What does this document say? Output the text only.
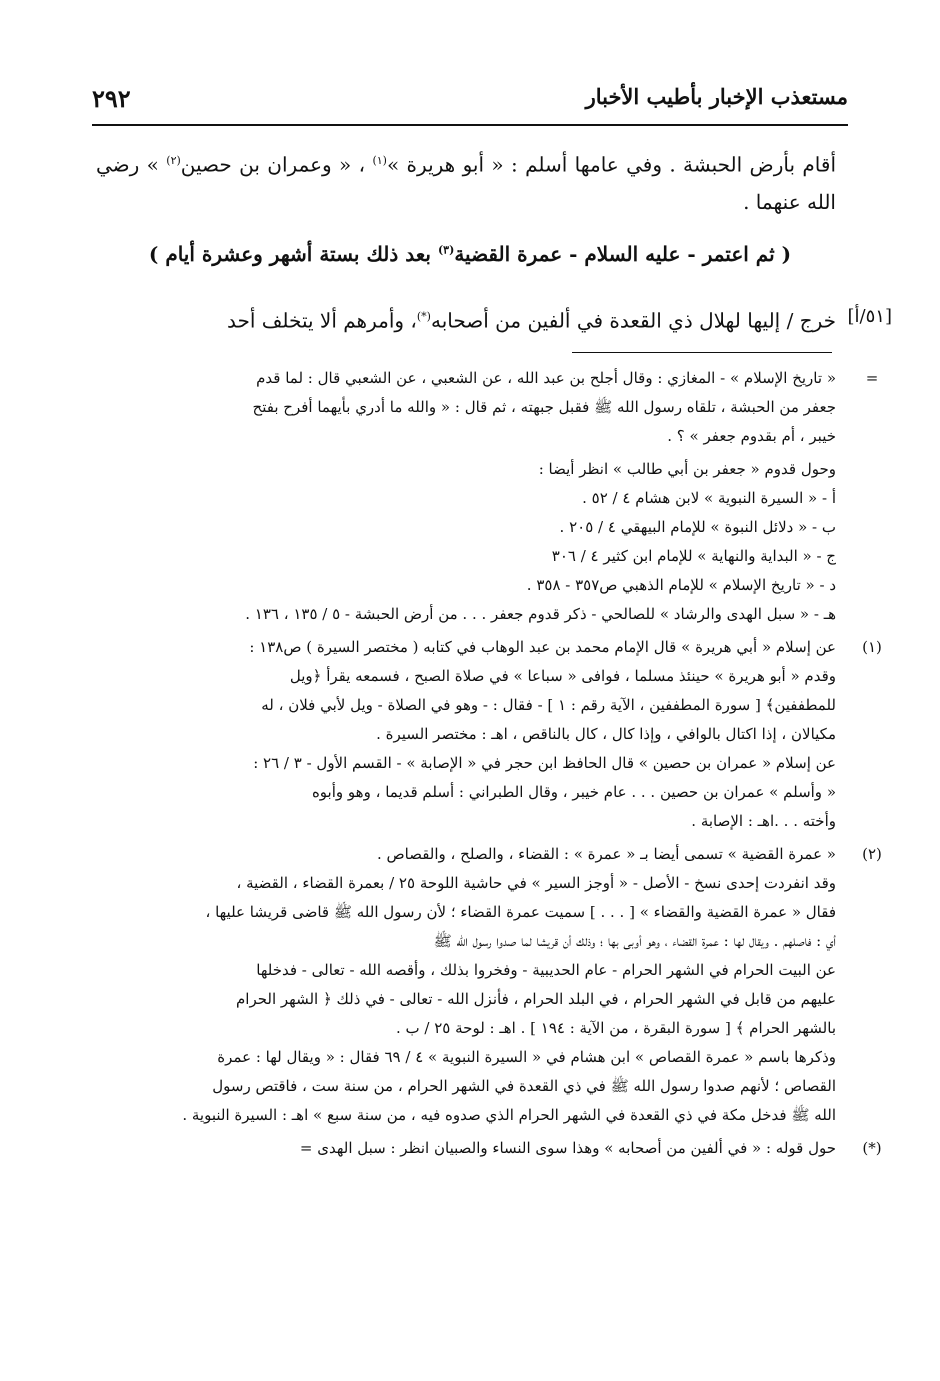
مستعذب الإخبار بأطيب الأخبار
٢٩٢

أقام بأرض الحبشة . وفي عامها أسلم : « أبو هريرة »$^{(١)}$ ، « وعمران بن حصين$^{(٢)}$ » رضي الله عنهما .

( ثم اعتمر - عليه السلام - عمرة القضية$^{(٣)}$ بعد ذلك بستة أشهر وعشرة أيام )
[٥١/أ]
خرج / إليها لهلال ذي القعدة في ألفين من أصحابه(*)، وأمرهم ألا يتخلف أحد
=
« تاريخ الإسلام » - المغازي : وقال أجلح بن عبد الله ، عن الشعبي ، عن الشعبي قال : لما قدم
جعفر من الحبشة ، تلقاه رسول الله ﷺ فقبل جبهته ، ثم قال : « والله ما أدري بأيهما أفرح بفتح
خيبر ، أم بقدوم جعفر » ؟ .
وحول قدوم « جعفر بن أبي طالب » انظر أيضا :
أ - « السيرة النبوية » لابن هشام ٤ / ٥٢ .
ب - « دلائل النبوة » للإمام البيهقي ٤ / ٢٠٥ .
ج - « البداية والنهاية » للإمام ابن كثير ٤ / ٣٠٦
د - « تاريخ الإسلام » للإمام الذهبي ص٣٥٧ - ٣٥٨ .
هـ - « سبل الهدى والرشاد » للصالحي - ذكر قدوم جعفر . . . من أرض الحبشة - ٥ / ١٣٥ ، ١٣٦ .
(١)
عن إسلام « أبي هريرة » قال الإمام محمد بن عبد الوهاب في كتابه ( مختصر السيرة ) ص١٣٨ :
وقدم « أبو هريرة » حينئذ مسلما ، فوافى « سباعا » في صلاة الصبح ، فسمعه يقرأ ﴿ويل
للمطففين﴾ [ سورة المطففين ، الآية رقم : ١ ] - فقال : - وهو في الصلاة - ويل لأبي فلان ، له
مكيالان ، إذا اكتال بالوافي ، وإذا كال ، كال بالناقص ، اهـ : مختصر السيرة .
عن إسلام « عمران بن حصين » قال الحافظ ابن حجر في « الإصابة » - القسم الأول - ٣ / ٢٦ :
« وأسلم » عمران بن حصين . . . عام خيبر ، وقال الطبراني : أسلم قديما ، وهو وأبوه
وأخته . . .اهـ : الإصابة .
(٢)
« عمرة القضية » تسمى أيضا بـ « عمرة » : القضاء ، والصلح ، والقصاص .
وقد انفردت إحدى نسخ - الأصل - « أوجز السير » في حاشية اللوحة ٢٥ / بعمرة القضاء ، القضية ،
فقال « عمرة القضية والقضاء » [ . . . ] سميت عمرة القضاء ؛ لأن رسول الله ﷺ قاضى قريشا عليها ،
أي : فاصلهم . ويقال لها : عمرة القضاء ، وهو أوبى بها ؛ وذلك أن قريشا لما صدوا رسول الله ﷺ
عن البيت الحرام في الشهر الحرام - عام الحديبية - وفخروا بذلك ، وأقصه الله - تعالى - فدخلها
عليهم من قابل في الشهر الحرام ، في البلد الحرام ، فأنزل الله - تعالى - في ذلك ﴿ الشهر الحرام
بالشهر الحرام ﴾ [ سورة البقرة ، من الآية : ١٩٤ ] . اهـ : لوحة ٢٥ / ب .
وذكرها باسم « عمرة القصاص » ابن هشام في « السيرة النبوية » ٤ / ٦٩ فقال : « ويقال لها : عمرة
القصاص ؛ لأنهم صدوا رسول الله ﷺ في ذي القعدة في الشهر الحرام ، من سنة ست ، فاقتص رسول
الله ﷺ فدخل مكة في ذي القعدة في الشهر الحرام الذي صدوه فيه ، من سنة سبع » اهـ : السيرة النبوية .
(*)
حول قوله : « في ألفين من أصحابه » وهذا سوى النساء والصبيان انظر : سبل الهدى =
